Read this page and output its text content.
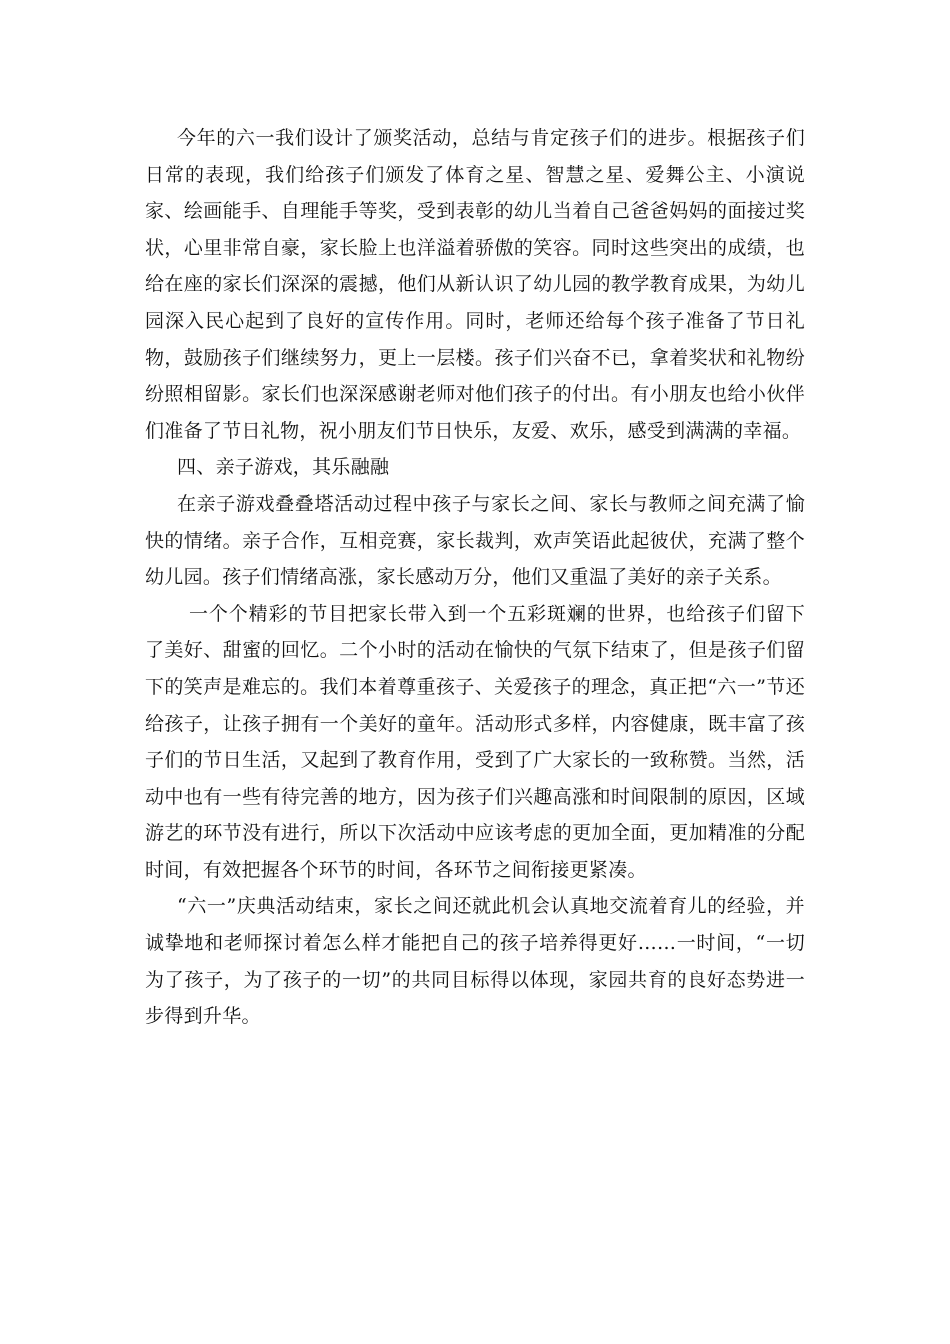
今年的六一我们设计了颁奖活动，总结与肯定孩子们的进步。根据孩子们日常的表现，我们给孩子们颁发了体育之星、智慧之星、爱舞公主、小演说家、绘画能手、自理能手等奖，受到表彰的幼儿当着自己爸爸妈妈的面接过奖状，心里非常自豪，家长脸上也洋溢着骄傲的笑容。同时这些突出的成绩，也给在座的家长们深深的震撼，他们从新认识了幼儿园的教学教育成果，为幼儿园深入民心起到了良好的宣传作用。同时，老师还给每个孩子准备了节日礼物，鼓励孩子们继续努力，更上一层楼。孩子们兴奋不已，拿着奖状和礼物纷纷照相留影。家长们也深深感谢老师对他们孩子的付出。有小朋友也给小伙伴们准备了节日礼物，祝小朋友们节日快乐，友爱、欢乐，感受到满满的幸福。

四、亲子游戏，其乐融融

在亲子游戏叠叠塔活动过程中孩子与家长之间、家长与教师之间充满了愉快的情绪。亲子合作，互相竞赛，家长裁判，欢声笑语此起彼伏，充满了整个幼儿园。孩子们情绪高涨，家长感动万分，他们又重温了美好的亲子关系。

一个个精彩的节目把家长带入到一个五彩斑斓的世界，也给孩子们留下了美好、甜蜜的回忆。二个小时的活动在愉快的气氛下结束了，但是孩子们留下的笑声是难忘的。我们本着尊重孩子、关爱孩子的理念，真正把“六一”节还给孩子，让孩子拥有一个美好的童年。活动形式多样，内容健康，既丰富了孩子们的节日生活，又起到了教育作用，受到了广大家长的一致称赞。当然，活动中也有一些有待完善的地方，因为孩子们兴趣高涨和时间限制的原因，区域游艺的环节没有进行，所以下次活动中应该考虑的更加全面，更加精准的分配时间，有效把握各个环节的时间，各环节之间衔接更紧凑。

“六一”庆典活动结束，家长之间还就此机会认真地交流着育儿的经验，并诚挚地和老师探讨着怎么样才能把自己的孩子培养得更好……一时间，“一切为了孩子，为了孩子的一切”的共同目标得以体现，家园共育的良好态势进一步得到升华。
